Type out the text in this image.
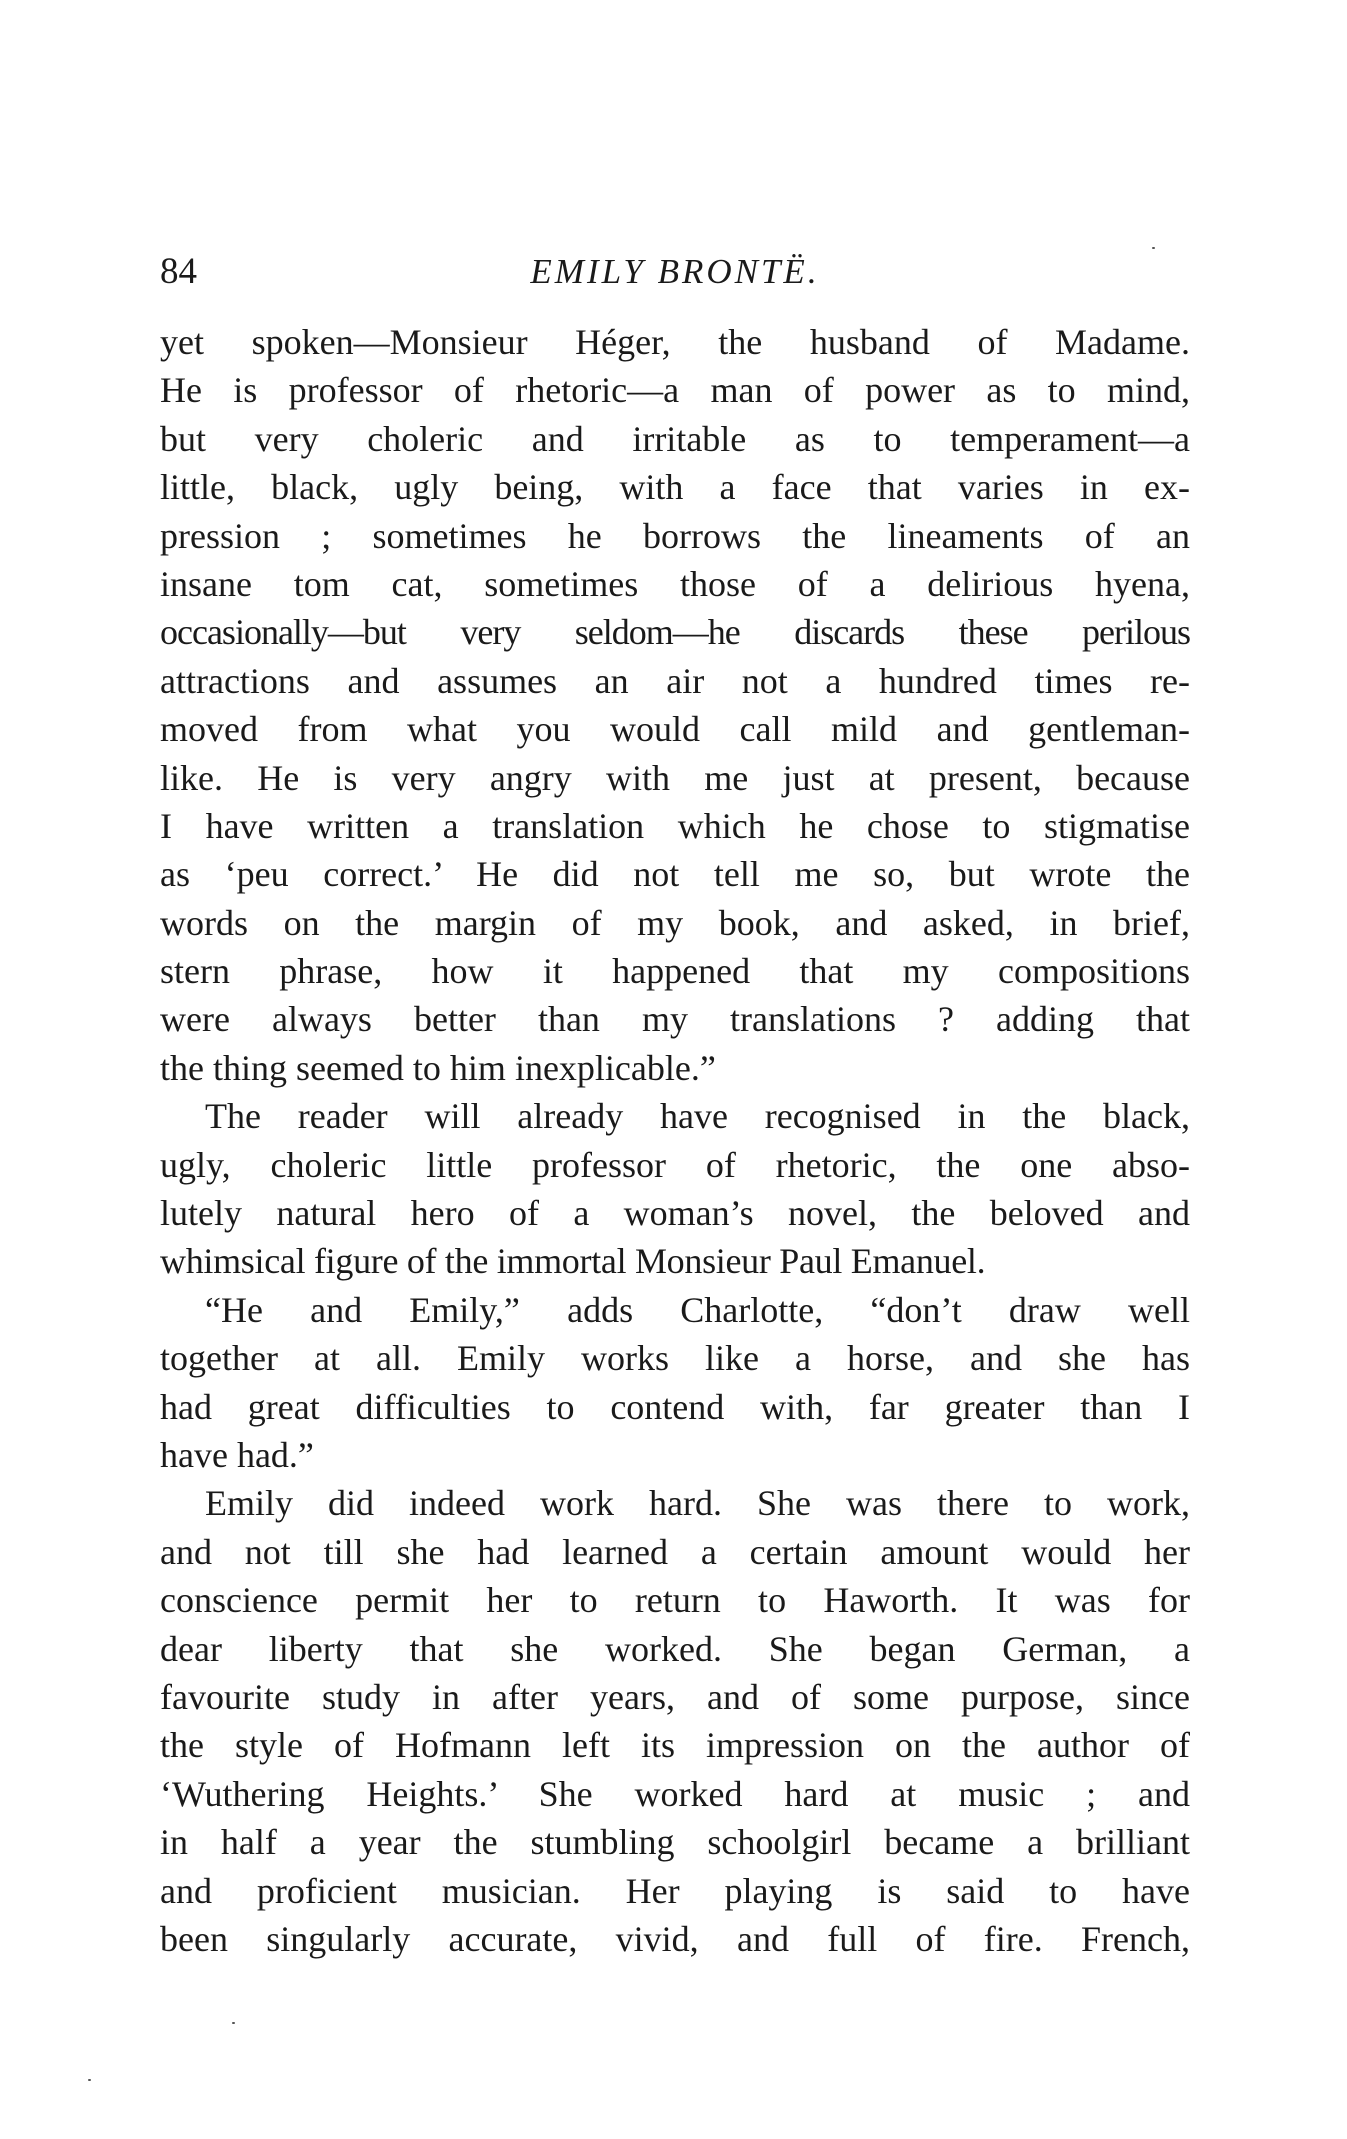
84	EMILY BRONTË.
yet spoken—Monsieur Héger, the husband of Madame.
He is professor of rhetoric—a man of power as to mind,
but very choleric and irritable as to temperament—a
little, black, ugly being, with a face that varies in ex-
pression ; sometimes he borrows the lineaments of an
insane tom cat, sometimes those of a delirious hyena,
occasionally—but very seldom—he discards these perilous
attractions and assumes an air not a hundred times re-
moved from what you would call mild and gentleman-
like. He is very angry with me just at present, because
I have written a translation which he chose to stigmatise
as ‘peu correct.’ He did not tell me so, but wrote the
words on the margin of my book, and asked, in brief,
stern phrase, how it happened that my compositions
were always better than my translations ? adding that
the thing seemed to him inexplicable.”
The reader will already have recognised in the black,
ugly, choleric little professor of rhetoric, the one abso-
lutely natural hero of a woman’s novel, the beloved and
whimsical figure of the immortal Monsieur Paul Emanuel.
“He and Emily,” adds Charlotte, “don’t draw well
together at all. Emily works like a horse, and she has
had great difficulties to contend with, far greater than I
have had.”
Emily did indeed work hard. She was there to work,
and not till she had learned a certain amount would her
conscience permit her to return to Haworth. It was for
dear liberty that she worked. She began German, a
favourite study in after years, and of some purpose, since
the style of Hofmann left its impression on the author of
‘Wuthering Heights.’ She worked hard at music ; and
in half a year the stumbling schoolgirl became a brilliant
and proficient musician. Her playing is said to have
been singularly accurate, vivid, and full of fire. French,
